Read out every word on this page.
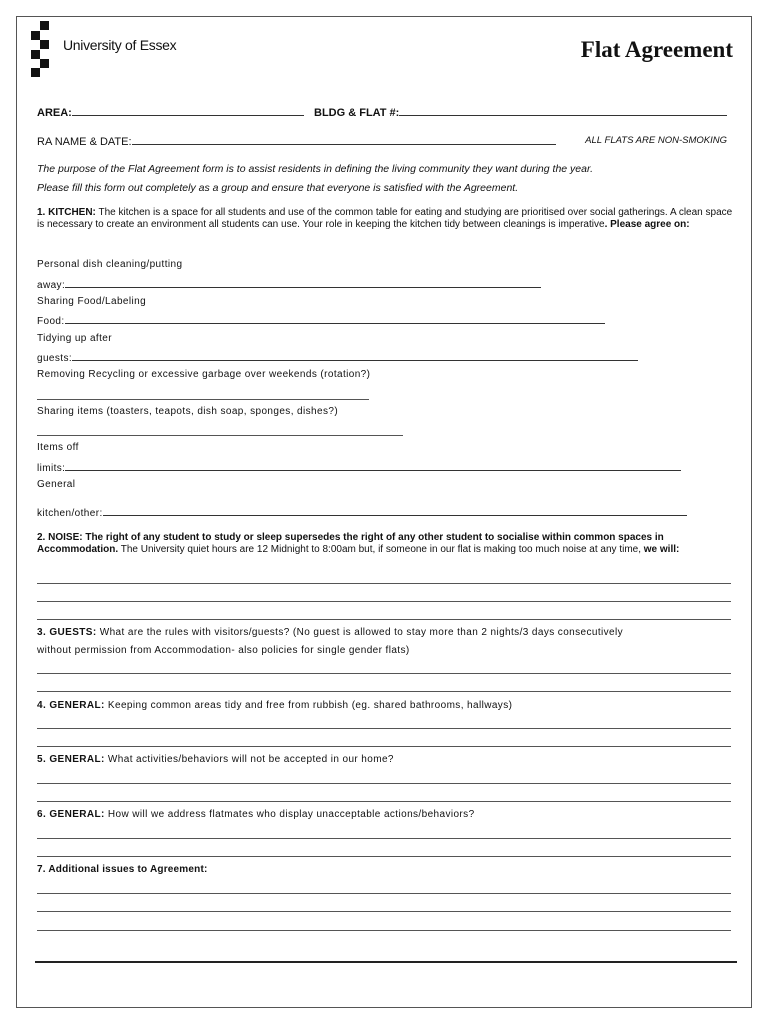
University of Essex	Flat Agreement
AREA:	BLDG & FLAT #:
RA NAME & DATE:	ALL FLATS ARE NON-SMOKING
The purpose of the Flat Agreement form is to assist residents in defining the living community they want during the year.
Please fill this form out completely as a group and ensure that everyone is satisfied with the Agreement.
1. KITCHEN: The kitchen is a space for all students and use of the common table for eating and studying are prioritised over social gatherings. A clean space is necessary to create an environment all students can use. Your role in keeping the kitchen tidy between cleanings is imperative. Please agree on:
Personal dish cleaning/putting
away:
Sharing Food/Labeling
Food:
Tidying up after
guests:
Removing Recycling or excessive garbage over weekends (rotation?)
Sharing items (toasters, teapots, dish soap, sponges, dishes?)
Items off
limits:
General
kitchen/other:
2. NOISE: The right of any student to study or sleep supersedes the right of any other student to socialise within common spaces in Accommodation. The University quiet hours are 12 Midnight to 8:00am but, if someone in our flat is making too much noise at any time, we will:
3. GUESTS: What are the rules with visitors/guests? (No guest is allowed to stay more than 2 nights/3 days consecutively
without permission from Accommodation- also policies for single gender flats)
4. GENERAL: Keeping common areas tidy and free from rubbish (eg. shared bathrooms, hallways)
5. GENERAL: What activities/behaviors will not be accepted in our home?
6. GENERAL: How will we address flatmates who display unacceptable actions/behaviors?
7. Additional issues to Agreement:
